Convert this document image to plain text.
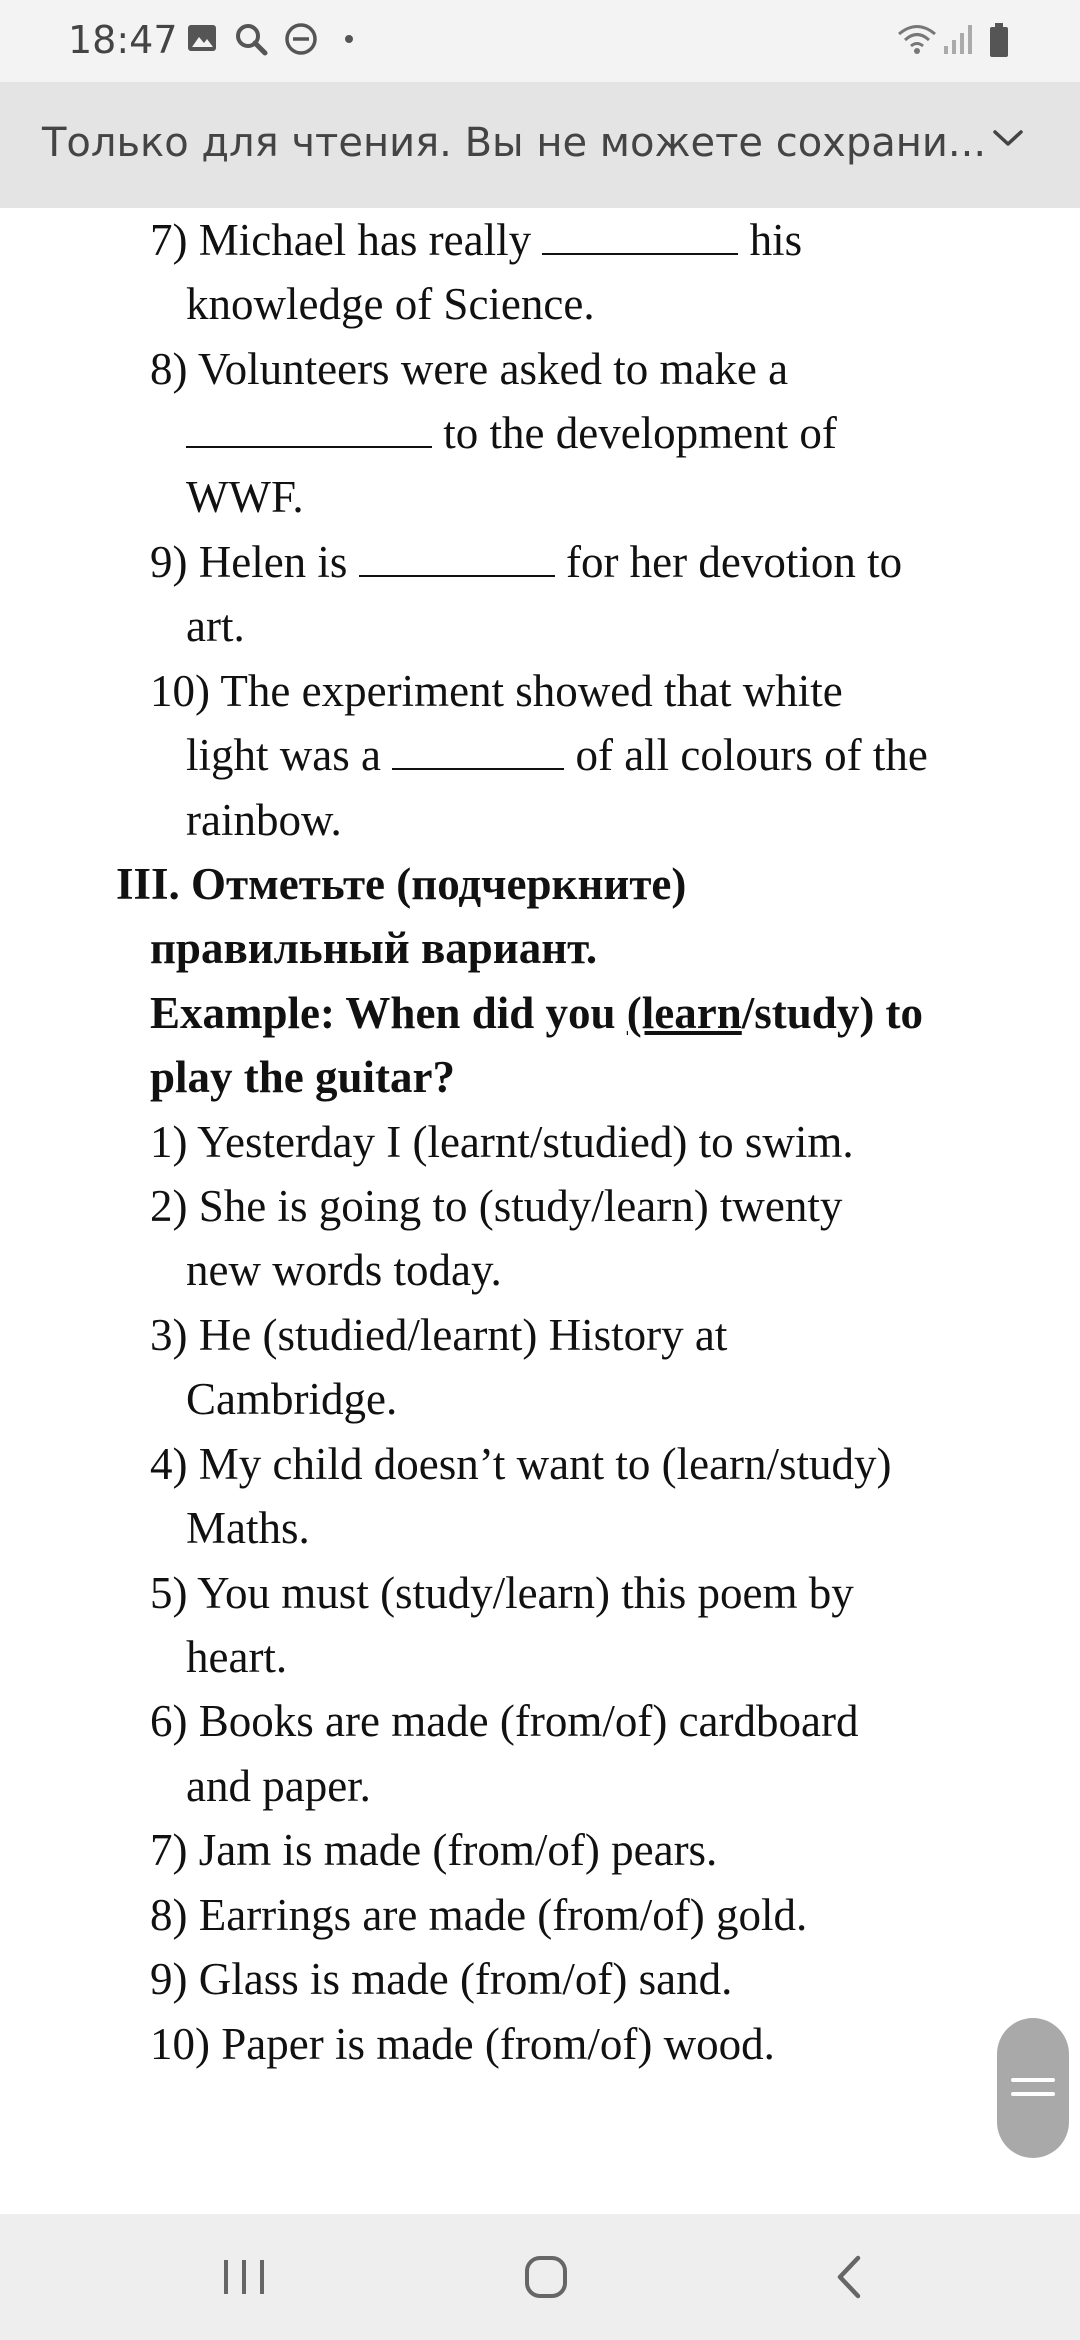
18:47
Только для чтения. Вы не можете сохрани...
7) Michael has really	his
knowledge of Science.
8) Volunteers were asked to make a
to the development of
WWF.
9) Helen is	for her devotion to
art.
10) The experiment showed that white
light was a	of all colours of the
rainbow.
III. Отметьте (подчеркните)
правильный вариант.
Example: When did you (learn/study) to
play the guitar?
1) Yesterday I (learnt/studied) to swim.
2) She is going to (study/learn) twenty
new words today.
3) He (studied/learnt) History at
Cambridge.
4) My child doesn’t want to (learn/study)
Maths.
5) You must (study/learn) this poem by
heart.
6) Books are made (from/of) cardboard
and paper.
7) Jam is made (from/of) pears.
8) Earrings are made (from/of) gold.
9) Glass is made (from/of) sand.
10) Paper is made (from/of) wood.
